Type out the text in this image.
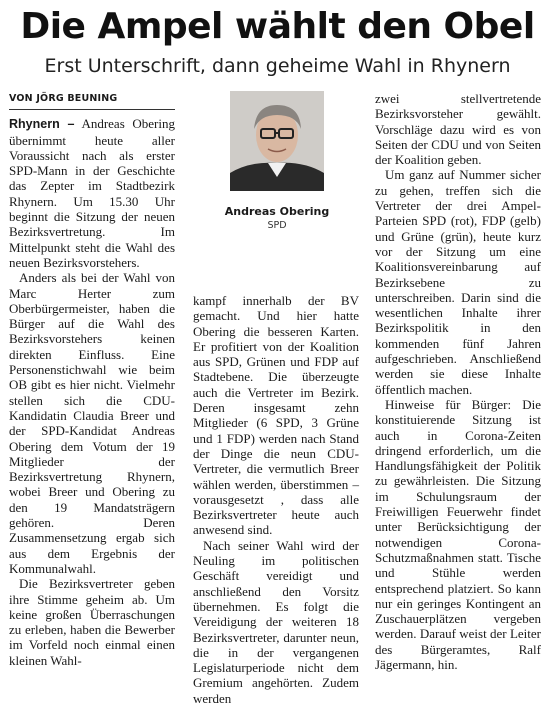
Die Ampel wählt den Obel
Erst Unterschrift, dann geheime Wahl in Rhynern
VON JÖRG BEUNING

Rhynern – Andreas Obering übernimmt heute aller Voraussicht nach als erster SPD-Mann in der Geschichte das Zepter im Stadtbezirk Rhynern. Um 15.30 Uhr beginnt die Sitzung der neuen Bezirksvertretung. Im Mittelpunkt steht die Wahl des neuen Bezirksvorstehers.

Anders als bei der Wahl von Marc Herter zum Oberbürgermeister, haben die Bürger auf die Wahl des Bezirksvorstehers keinen direkten Einfluss. Eine Personenstichwahl wie beim OB gibt es hier nicht. Vielmehr stellen sich die CDU-Kandidatin Claudia Breer und der SPD-Kandidat Andreas Obering dem Votum der 19 Mitglieder der Bezirksvertretung Rhynern, wobei Breer und Obering zu den 19 Mandatsträgern gehören. Deren Zusammensetzung ergab sich aus dem Ergebnis der Kommunalwahl.

Die Bezirksvertreter geben ihre Stimme geheim ab. Um keine großen Überraschungen zu erleben, haben die Bewerber im Vorfeld noch einmal einen kleinen Wahl-

Andreas Obering
SPD

kampf innerhalb der BV gemacht. Und hier hatte Obering die besseren Karten. Er profitiert von der Koalition aus SPD, Grünen und FDP auf Stadtebene. Die überzeugte auch die Vertreter im Bezirk. Deren insgesamt zehn Mitglieder (6 SPD, 3 Grüne und 1 FDP) werden nach Stand der Dinge die neun CDU-Vertreter, die vermutlich Breer wählen werden, überstimmen – vorausgesetzt , dass alle Bezirksvertreter heute auch anwesend sind.

Nach seiner Wahl wird der Neuling im politischen Geschäft vereidigt und anschließend den Vorsitz übernehmen. Es folgt die Vereidigung der weiteren 18 Bezirksvertreter, darunter neun, die in der vergangenen Legislaturperiode nicht dem Gremium angehörten. Zudem werden

zwei stellvertretende Bezirksvorsteher gewählt. Vorschläge dazu wird es von Seiten der CDU und von Seiten der Koalition geben.

Um ganz auf Nummer sicher zu gehen, treffen sich die Vertreter der drei Ampel-Parteien SPD (rot), FDP (gelb) und Grüne (grün), heute kurz vor der Sitzung um eine Koalitionsvereinbarung auf Bezirksebene zu unterschreiben. Darin sind die wesentlichen Inhalte ihrer Bezirkspolitik in den kommenden fünf Jahren aufgeschrieben. Anschließend werden sie diese Inhalte öffentlich machen.

Hinweise für Bürger: Die konstituierende Sitzung ist auch in Corona-Zeiten dringend erforderlich, um die Handlungsfähigkeit der Politik zu gewährleisten. Die Sitzung im Schulungsraum der Freiwilligen Feuerwehr findet unter Berücksichtigung der notwendigen Corona-Schutzmaßnahmen statt. Tische und Stühle werden entsprechend platziert. So kann nur ein geringes Kontingent an Zuschauerplätzen vergeben werden. Darauf weist der Leiter des Bürgeramtes, Ralf Jägermann, hin.
